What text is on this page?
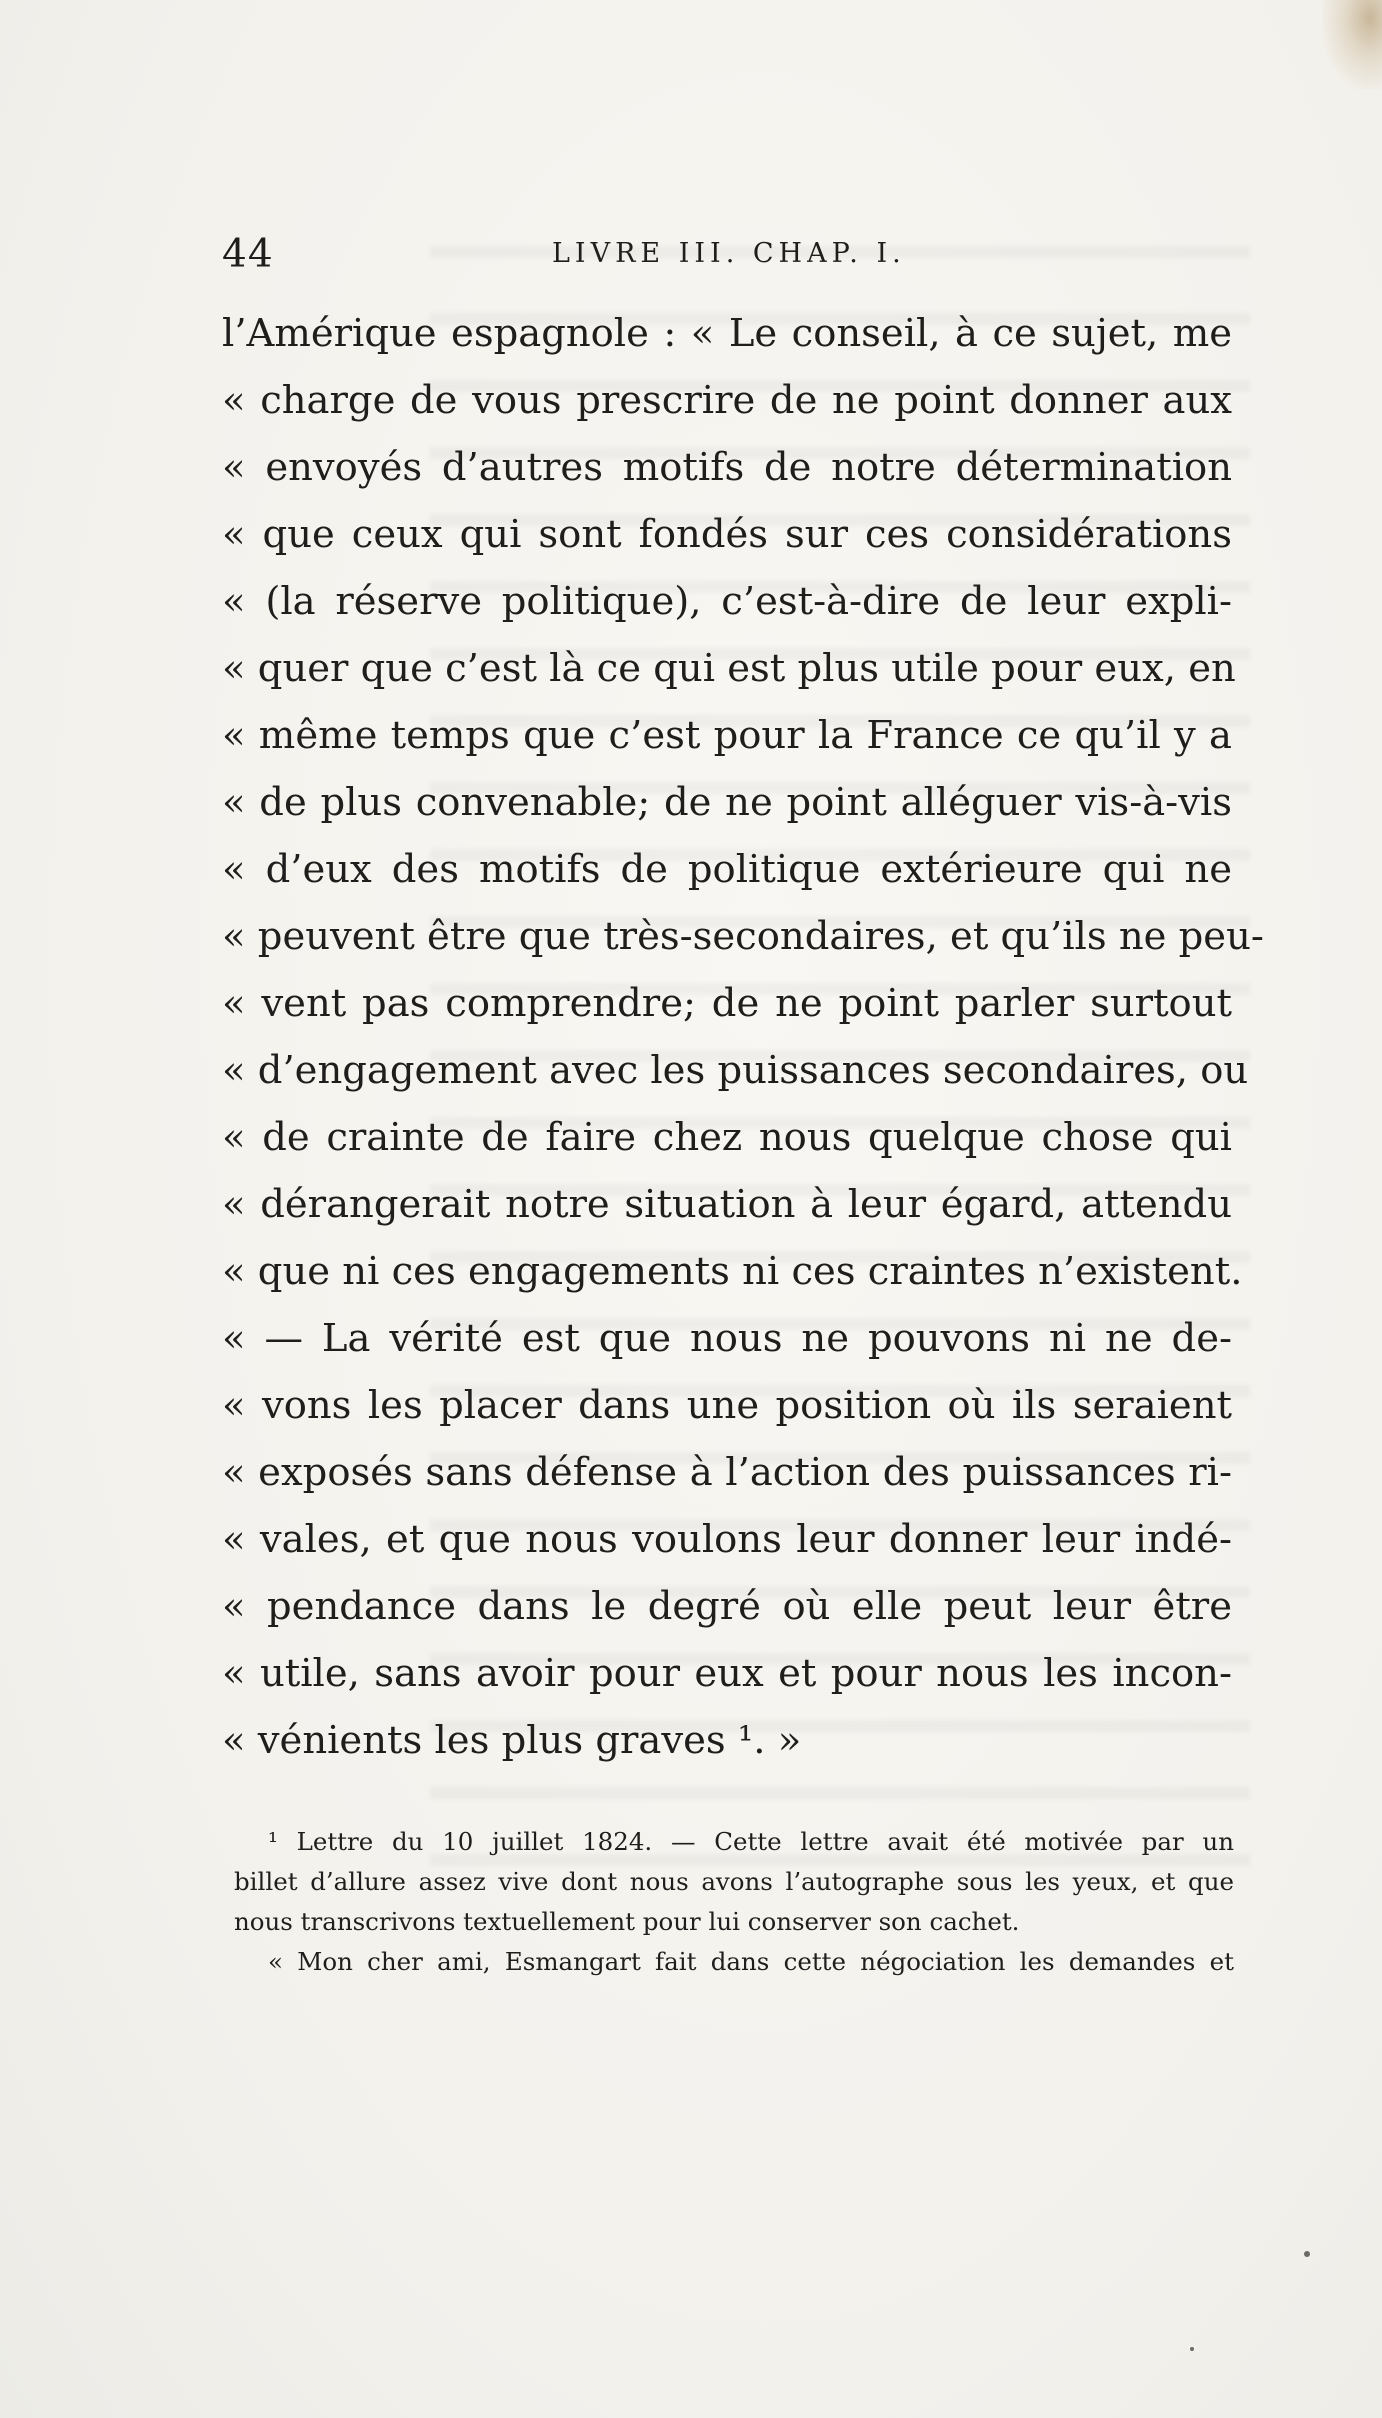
44	LIVRE III. CHAP. I.
l’Amérique espagnole : « Le conseil, à ce sujet, me
« charge de vous prescrire de ne point donner aux
« envoyés d’autres motifs de notre détermination
« que ceux qui sont fondés sur ces considérations
« (la réserve politique), c’est-à-dire de leur expli-
« quer que c’est là ce qui est plus utile pour eux, en
« même temps que c’est pour la France ce qu’il y a
« de plus convenable; de ne point alléguer vis-à-vis
« d’eux des motifs de politique extérieure qui ne
« peuvent être que très-secondaires, et qu’ils ne peu-
« vent pas comprendre; de ne point parler surtout
« d’engagement avec les puissances secondaires, ou
« de crainte de faire chez nous quelque chose qui
« dérangerait notre situation à leur égard, attendu
« que ni ces engagements ni ces craintes n’existent.
« — La vérité est que nous ne pouvons ni ne de-
« vons les placer dans une position où ils seraient
« exposés sans défense à l’action des puissances ri-
« vales, et que nous voulons leur donner leur indé-
« pendance dans le degré où elle peut leur être
« utile, sans avoir pour eux et pour nous les incon-
« vénients les plus graves ¹. »
¹ Lettre du 10 juillet 1824. — Cette lettre avait été motivée par un
billet d’allure assez vive dont nous avons l’autographe sous les yeux, et que
nous transcrivons textuellement pour lui conserver son cachet.
« Mon cher ami, Esmangart fait dans cette négociation les demandes et
